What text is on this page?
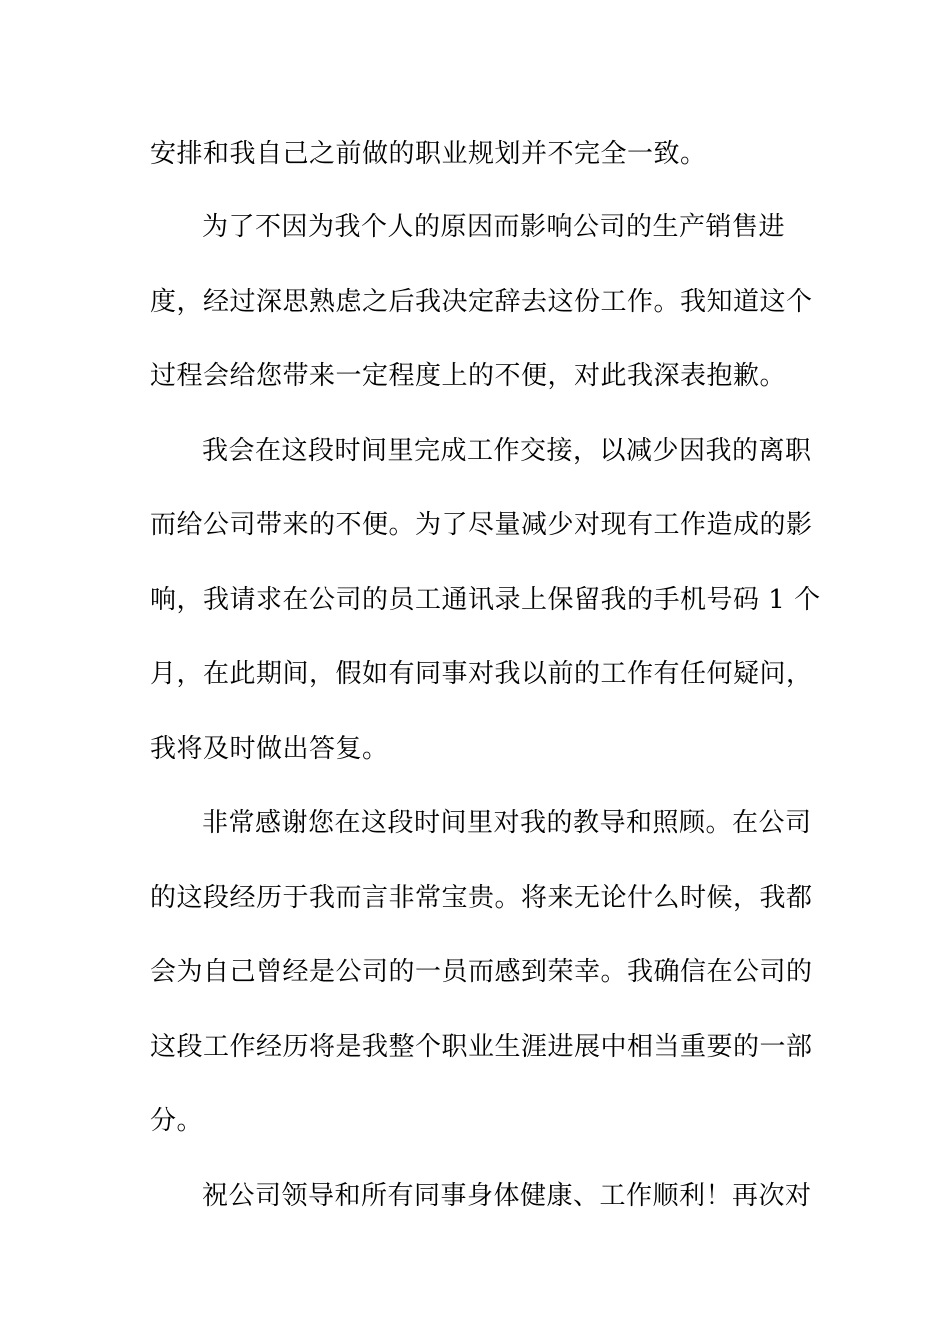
安排和我自己之前做的职业规划并不完全一致。
为了不因为我个人的原因而影响公司的生产销售进
度，经过深思熟虑之后我决定辞去这份工作。我知道这个
过程会给您带来一定程度上的不便，对此我深表抱歉。
我会在这段时间里完成工作交接，以减少因我的离职
而给公司带来的不便。为了尽量减少对现有工作造成的影
响，我请求在公司的员工通讯录上保留我的手机号码 1 个
月，在此期间，假如有同事对我以前的工作有任何疑问，
我将及时做出答复。
非常感谢您在这段时间里对我的教导和照顾。在公司
的这段经历于我而言非常宝贵。将来无论什么时候，我都
会为自己曾经是公司的一员而感到荣幸。我确信在公司的
这段工作经历将是我整个职业生涯进展中相当重要的一部
分。
祝公司领导和所有同事身体健康、工作顺利！再次对
